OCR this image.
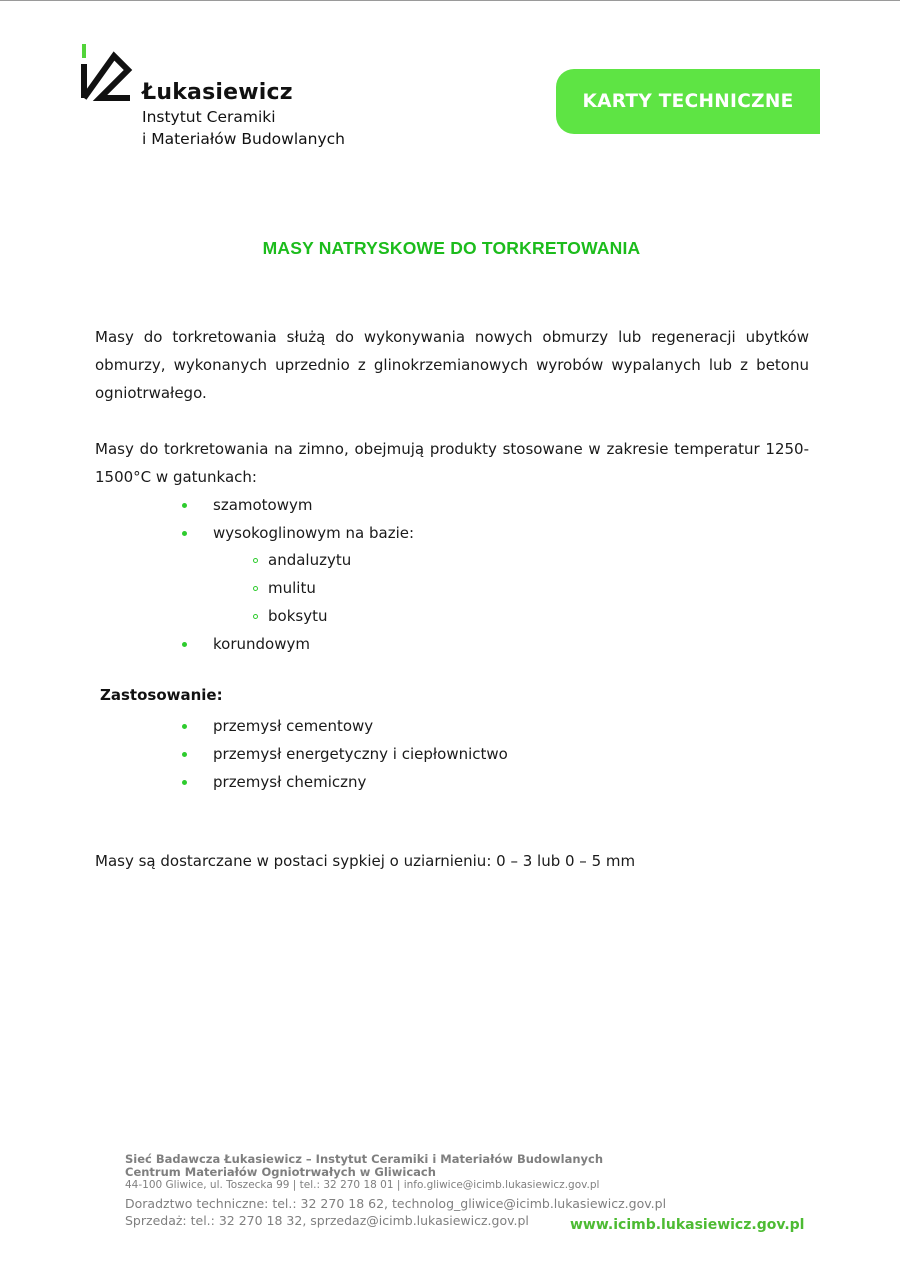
Łukasiewicz
Instytut Ceramiki
i Materiałów Budowlanych
KARTY TECHNICZNE
MASY NATRYSKOWE DO TORKRETOWANIA
Masy do torkretowania służą do wykonywania nowych obmurzy lub regeneracji ubytków obmurzy, wykonanych uprzednio z glinokrzemianowych wyrobów wypalanych lub z betonu ogniotrwałego.
Masy do torkretowania na zimno, obejmują produkty stosowane w zakresie temperatur 1250-1500°C w gatunkach:
szamotowym
wysokoglinowym na bazie:
andaluzytu
mulitu
boksytu
korundowym
Zastosowanie:
przemysł cementowy
przemysł energetyczny i ciepłownictwo
przemysł chemiczny
Masy są dostarczane w postaci sypkiej o uziarnieniu: 0 – 3 lub 0 – 5 mm
Sieć Badawcza Łukasiewicz – Instytut Ceramiki i Materiałów Budowlanych
Centrum Materiałów Ogniotrwałych w Gliwicach
44-100 Gliwice, ul. Toszecka 99 | tel.: 32 270 18 01 | info.gliwice@icimb.lukasiewicz.gov.pl
Doradztwo techniczne: tel.: 32 270 18 62, technolog_gliwice@icimb.lukasiewicz.gov.pl
Sprzedaż: tel.: 32 270 18 32, sprzedaz@icimb.lukasiewicz.gov.pl	www.icimb.lukasiewicz.gov.pl
